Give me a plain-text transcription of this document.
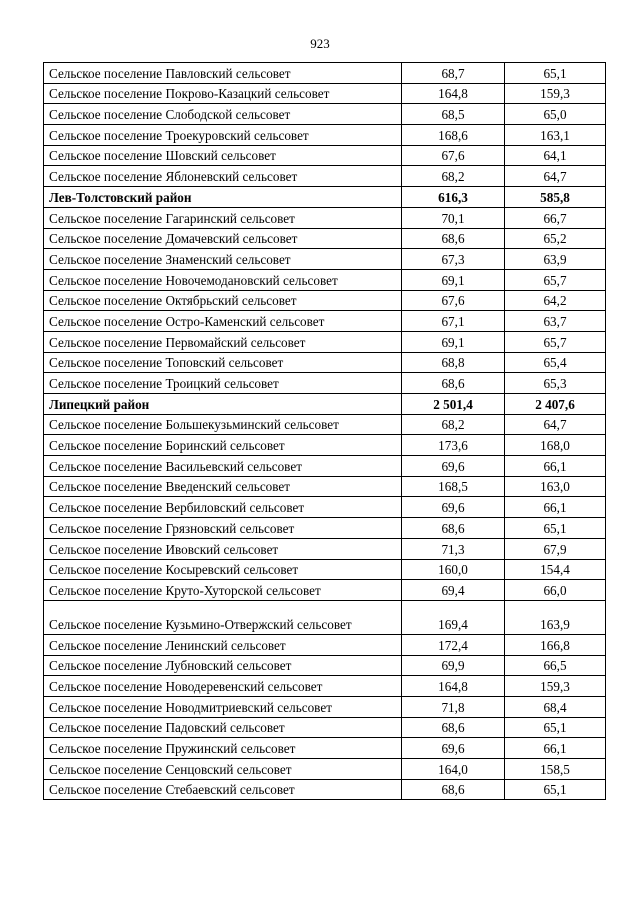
923
Сельское поселение Павловский сельсовет	68,7	65,1
Сельское поселение Покрово-Казацкий сельсовет	164,8	159,3
Сельское поселение Слободской сельсовет	68,5	65,0
Сельское поселение Троекуровский сельсовет	168,6	163,1
Сельское поселение Шовский сельсовет	67,6	64,1
Сельское поселение Яблоневский сельсовет	68,2	64,7
Лев-Толстовский район	616,3	585,8
Сельское поселение Гагаринский сельсовет	70,1	66,7
Сельское поселение Домачевский сельсовет	68,6	65,2
Сельское поселение Знаменский сельсовет	67,3	63,9
Сельское поселение Новочемодановский сельсовет	69,1	65,7
Сельское поселение Октябрьский сельсовет	67,6	64,2
Сельское поселение Остро-Каменский сельсовет	67,1	63,7
Сельское поселение Первомайский сельсовет	69,1	65,7
Сельское поселение Топовский сельсовет	68,8	65,4
Сельское поселение Троицкий сельсовет	68,6	65,3
Липецкий район	2 501,4	2 407,6
Сельское поселение Большекузьминский сельсовет	68,2	64,7
Сельское поселение Боринский сельсовет	173,6	168,0
Сельское поселение Васильевский сельсовет	69,6	66,1
Сельское поселение Введенский сельсовет	168,5	163,0
Сельское поселение Вербиловский сельсовет	69,6	66,1
Сельское поселение Грязновский сельсовет	68,6	65,1
Сельское поселение Ивовский сельсовет	71,3	67,9
Сельское поселение Косыревский сельсовет	160,0	154,4
Сельское поселение Круто-Хуторской сельсовет	69,4	66,0
Сельское поселение Кузьмино-Отвержский сельсовет	169,4	163,9
Сельское поселение Ленинский сельсовет	172,4	166,8
Сельское поселение Лубновский сельсовет	69,9	66,5
Сельское поселение Новодеревенский сельсовет	164,8	159,3
Сельское поселение Новодмитриевский сельсовет	71,8	68,4
Сельское поселение Падовский сельсовет	68,6	65,1
Сельское поселение Пружинский сельсовет	69,6	66,1
Сельское поселение Сенцовский сельсовет	164,0	158,5
Сельское поселение Стебаевский сельсовет	68,6	65,1
